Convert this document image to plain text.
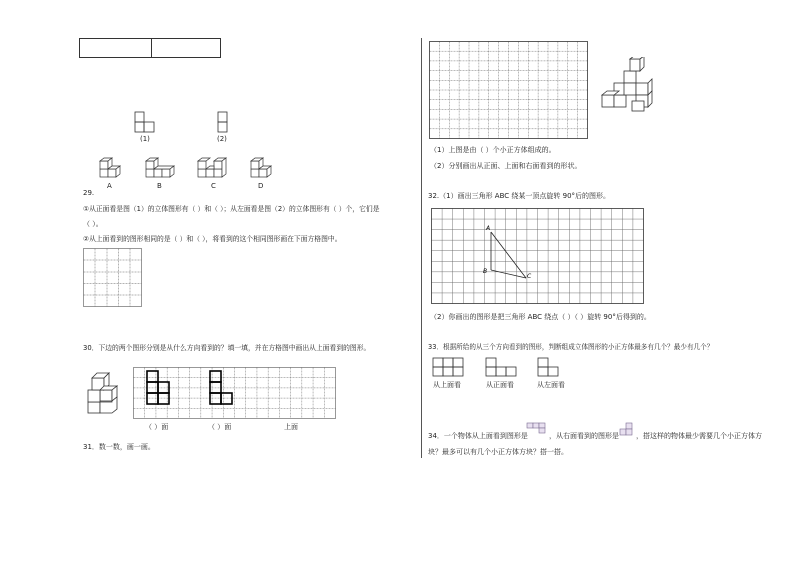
(1)	(2)
A	B	C	D
29.
①从正面看是图（1）的立体图形有（ ）和（ ）；从左面看是图（2）的立体图形有（ ）个，它们是
（ ）。
②从上面看到的图形相同的是（ ）和（ ），将看到的这个相同图形画在下面方格图中。
30．下边的两个图形分别是从什么方向看到的？填一填，并在方格图中画出从上面看到的图形。
（ ）面	（ ）面	上面
31．数一数，画一画。
（1）上图是由（ ）个小正方体组成的。
（2）分别画出从正面、上面和右面看到的形状。
32.（1）画出三角形 ABC 绕某一顶点旋转 90°后的图形。
A
B
C
（2）你画出的图形是把三角形 ABC 绕点（ ）（ ）旋转 90°后得到的。
33．根据所给的从三个方向看到的图形，判断组成立体图形的小正方体最多有几个？最少有几个？
从上面看	从正面看	从左面看
34．一个物体从上面看到图形是	，从右面看到的图形是 ，搭这样的物体最少需要几个小正方体方
块？最多可以有几个小正方体方块？搭一搭。
